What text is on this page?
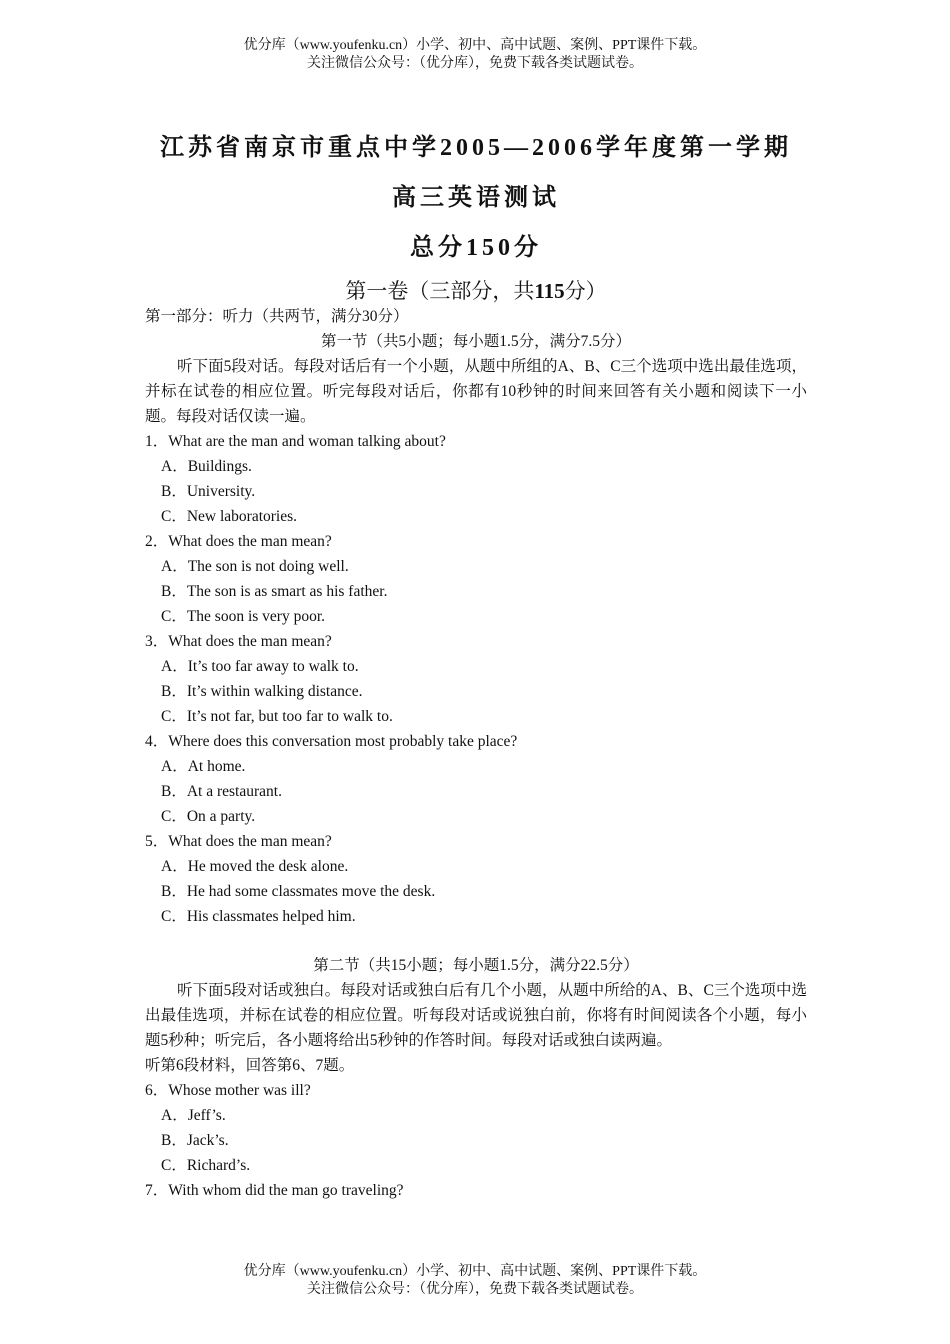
优分库（www.youfenku.cn）小学、初中、高中试题、案例、PPT课件下载。
关注微信公众号：（优分库），免费下载各类试题试卷。

江苏省南京市重点中学2005—2006学年度第一学期

高三英语测试

总分150分

第一卷（三部分，共115分）

第一部分：听力（共两节，满分30分）

第一节（共5小题；每小题1.5分，满分7.5分）

听下面5段对话。每段对话后有一个小题，从题中所组的A、B、C三个选项中选出最佳选项，并标在试卷的相应位置。听完每段对话后，你都有10秒钟的时间来回答有关小题和阅读下一小题。每段对话仅读一遍。

1．What are the man and woman talking about?

A．Buildings.

B．University.

C．New laboratories.

2．What does the man mean?

A．The son is not doing well.

B．The son is as smart as his father.

C．The soon is very poor.

3．What does the man mean?

A．It’s too far away to walk to.

B．It’s within walking distance.

C．It’s not far, but too far to walk to.

4．Where does this conversation most probably take place?

A．At home.

B．At a restaurant.

C．On a party.

5．What does the man mean?

A．He moved the desk alone.

B．He had some classmates move the desk.

C．His classmates helped him.

第二节（共15小题；每小题1.5分，满分22.5分）

听下面5段对话或独白。每段对话或独白后有几个小题，从题中所给的A、B、C三个选项中选出最佳选项，并标在试卷的相应位置。听每段对话或说独白前，你将有时间阅读各个小题，每小题5秒种；听完后，各小题将给出5秒钟的作答时间。每段对话或独白读两遍。

听第6段材料，回答第6、7题。

6．Whose mother was ill?

A．Jeff’s.

B．Jack’s.

C．Richard’s.

7．With whom did the man go traveling?

优分库（www.youfenku.cn）小学、初中、高中试题、案例、PPT课件下载。
关注微信公众号：（优分库），免费下载各类试题试卷。
